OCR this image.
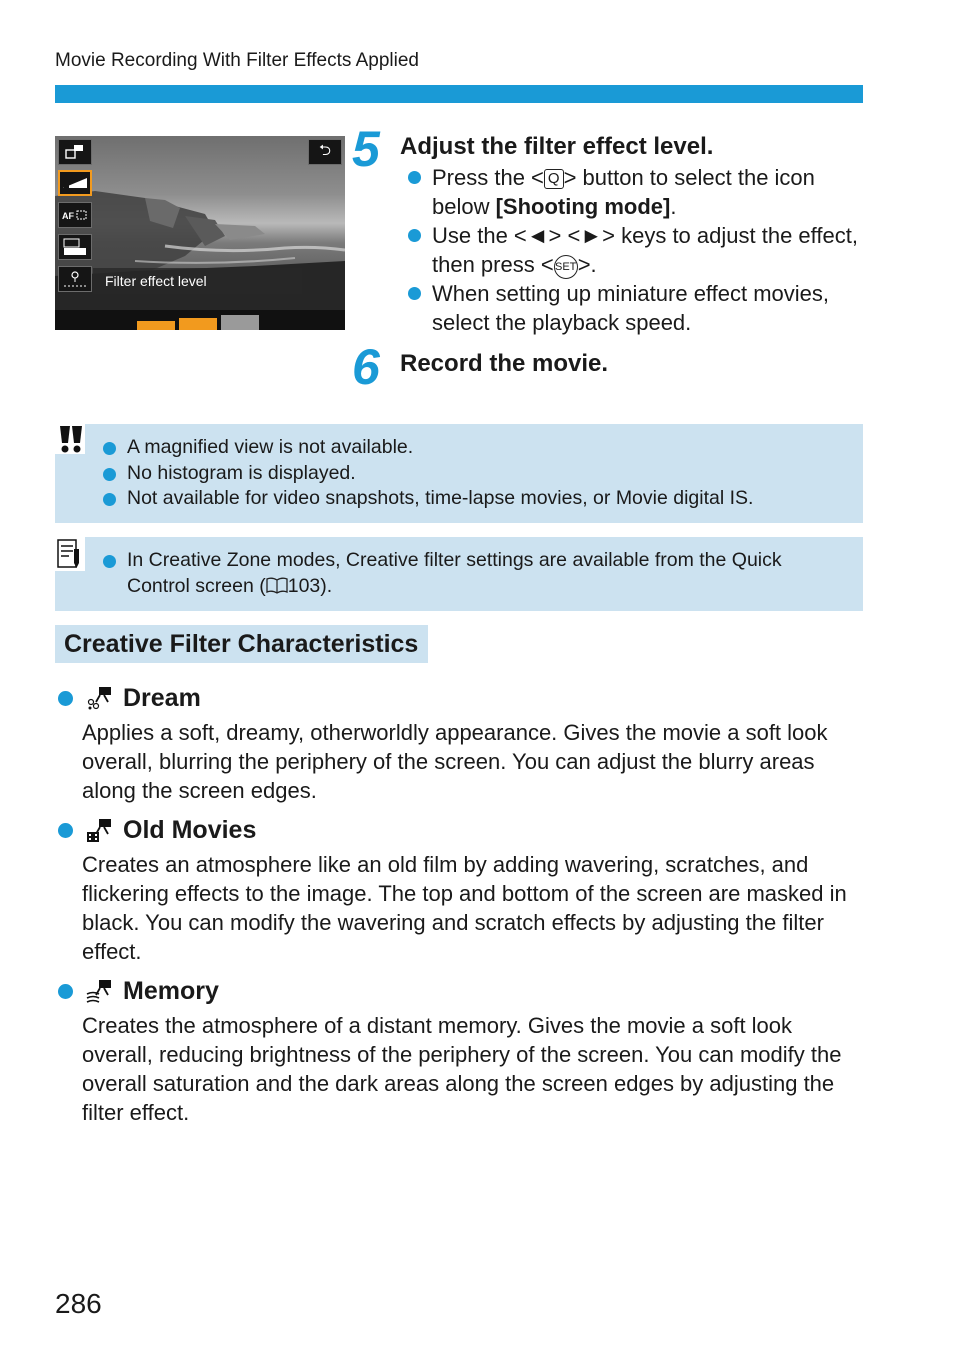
Movie Recording With Filter Effects Applied
AF
⮌
Filter effect level
5 Adjust the filter effect level.
Press the < Q > button to select the icon below [Shooting mode].
Use the <◄> <►> keys to adjust the effect, then press <SET>.
When setting up miniature effect movies, select the playback speed.
6 Record the movie.
A magnified view is not available.
No histogram is displayed.
Not available for video snapshots, time-lapse movies, or Movie digital IS.
In Creative Zone modes, Creative filter settings are available from the Quick Control screen ( 103).
Creative Filter Characteristics
Dream

Applies a soft, dreamy, otherworldly appearance. Gives the movie a soft look overall, blurring the periphery of the screen. You can adjust the blurry areas along the screen edges.

Old Movies

Creates an atmosphere like an old film by adding wavering, scratches, and flickering effects to the image. The top and bottom of the screen are masked in black. You can modify the wavering and scratch effects by adjusting the filter effect.

Memory

Creates the atmosphere of a distant memory. Gives the movie a soft look overall, reducing brightness of the periphery of the screen. You can modify the overall saturation and the dark areas along the screen edges by adjusting the filter effect.

286
